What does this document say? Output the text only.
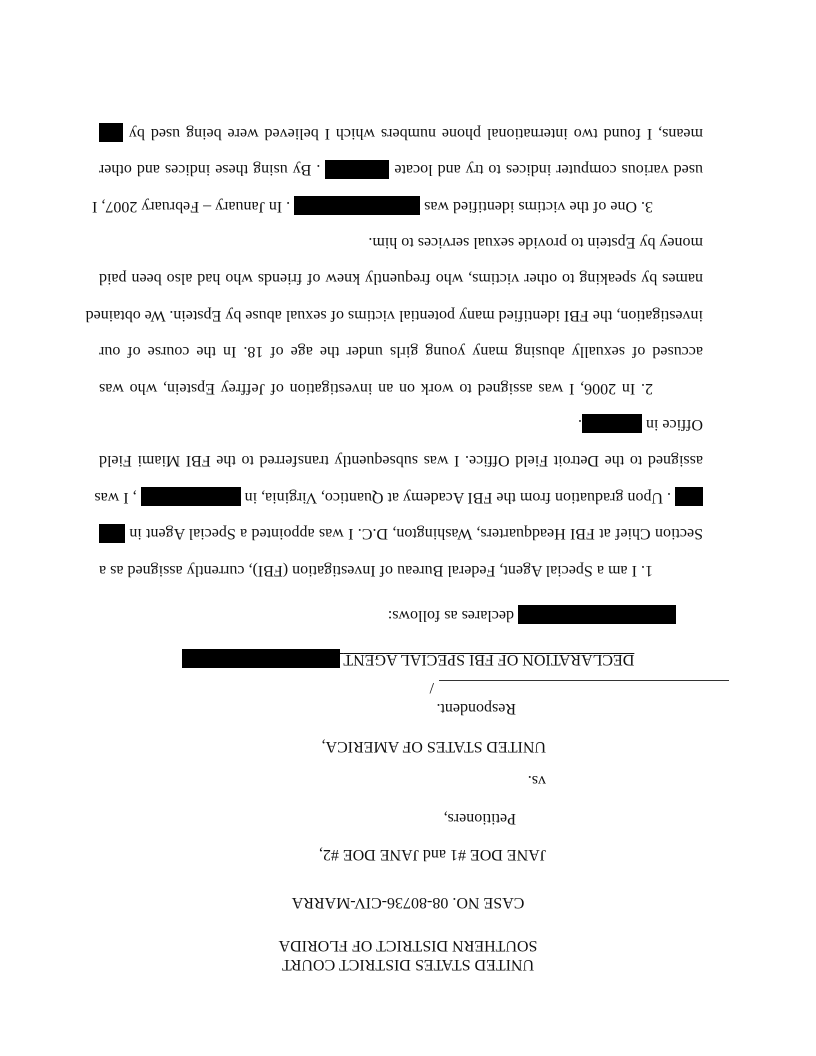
UNITED STATES DISTRICT COURT
SOUTHERN DISTRICT OF FLORIDA
CASE NO. 08-80736-CIV-MARRA
JANE DOE #1 and JANE DOE #2,
Petitioners,
vs.
UNITED STATES OF AMERICA,
Respondent.
/
DECLARATION OF FBI SPECIAL AGENT
declares as follows:
1. I am a Special Agent, Federal Bureau of Investigation (FBI), currently assigned as a
Section Chief at FBI Headquarters, Washington, D.C. I was appointed a Special Agent in
. Upon graduation from the FBI Academy at Quantico, Virginia, in  , I was
assigned to the Detroit Field Office. I was subsequently transferred to the FBI Miami Field
Office in .
2. In 2006, I was assigned to work on an investigation of Jeffrey Epstein, who was
accused of sexually abusing many young girls under the age of 18. In the course of our
investigation, the FBI identified many potential victims of sexual abuse by Epstein. We obtained
names by speaking to other victims, who frequently knew of friends who had also been paid
money by Epstein to provide sexual services to him.
3. One of the victims identified was  . In January – February 2007, I
used various computer indices to try and locate  . By using these indices and other
means, I found two international phone numbers which I believed were being used by
